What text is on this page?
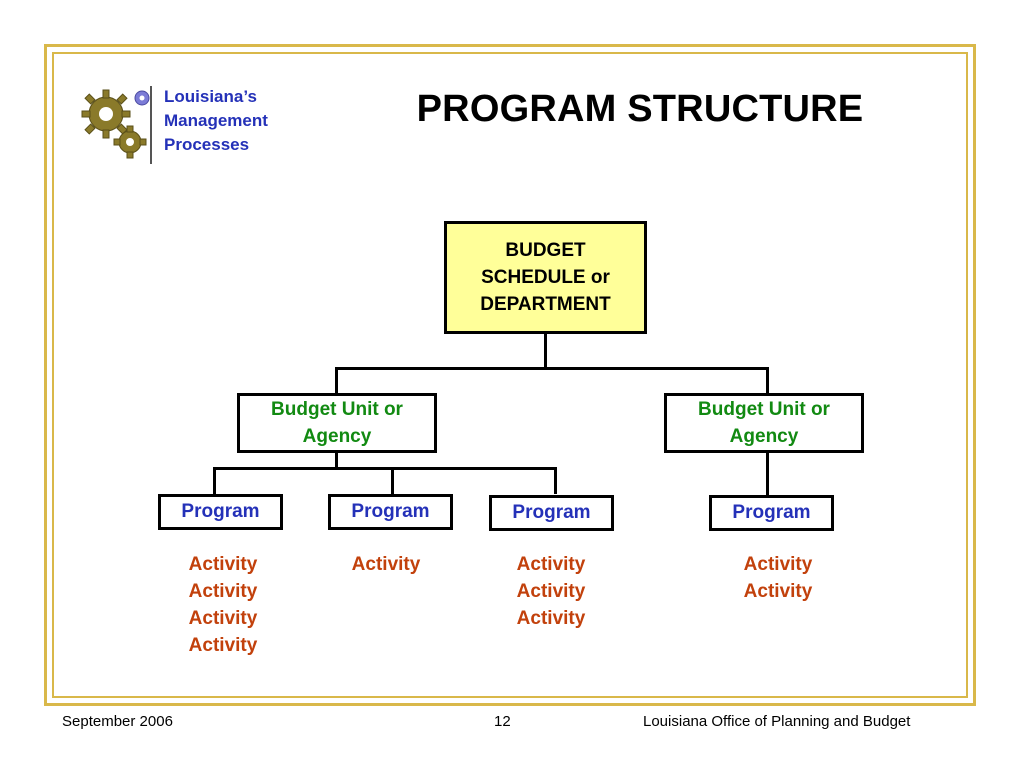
Louisiana’s
Management
Processes
PROGRAM STRUCTURE
BUDGET
SCHEDULE or
DEPARTMENT
Budget Unit or
Agency
Budget Unit or
Agency
Program	Program	Program	Program
Activity
Activity
Activity
Activity
Activity	Activity
Activity
Activity
Activity
Activity
September 2006	12	Louisiana Office of Planning and Budget
